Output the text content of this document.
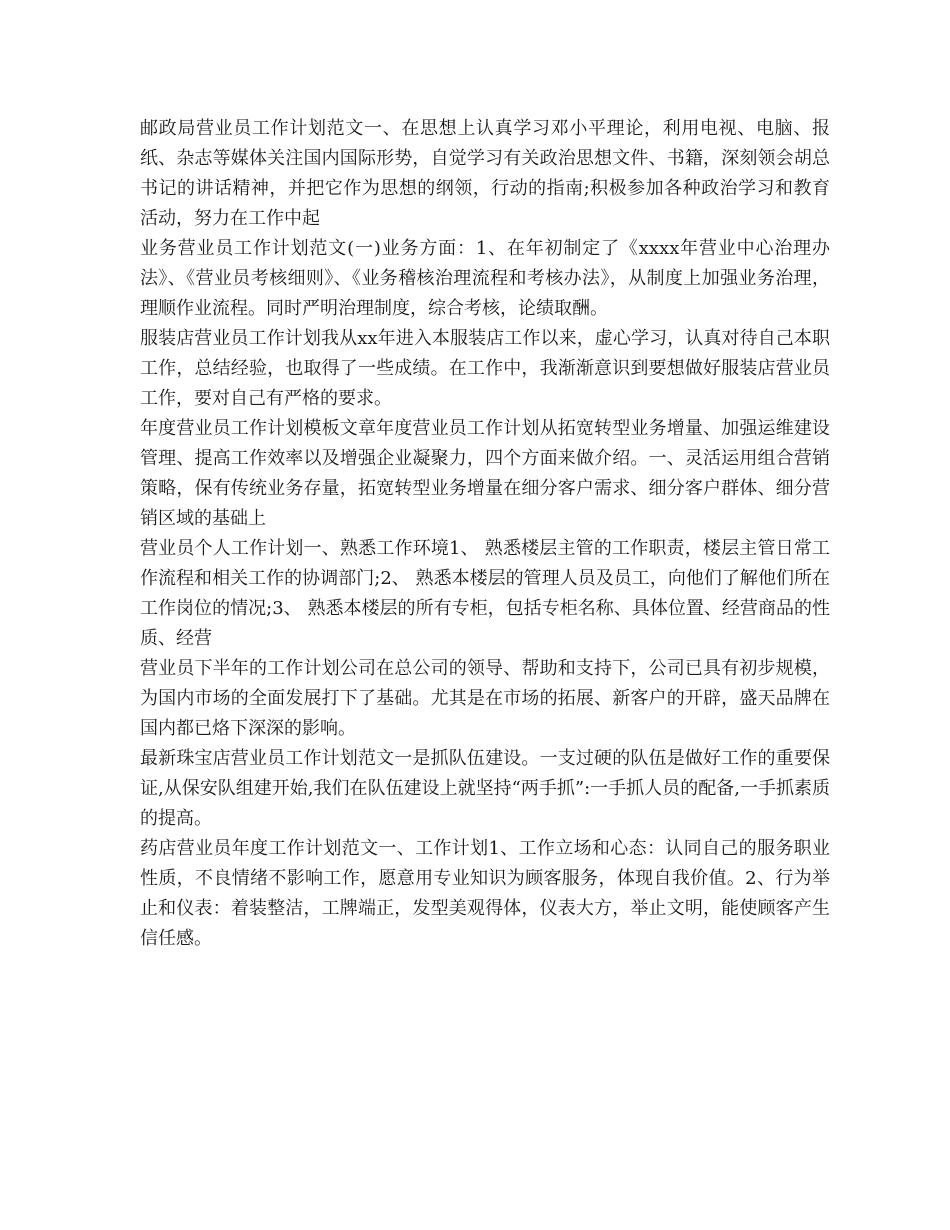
邮政局营业员工作计划范文一、在思想上认真学习邓小平理论，利用电视、电脑、报纸、杂志等媒体关注国内国际形势，自觉学习有关政治思想文件、书籍，深刻领会胡总书记的讲话精神，并把它作为思想的纲领，行动的指南;积极参加各种政治学习和教育活动，努力在工作中起

业务营业员工作计划范文(一)业务方面：1、在年初制定了《xxxx年营业中心治理办法》、《营业员考核细则》、《业务稽核治理流程和考核办法》，从制度上加强业务治理，理顺作业流程。同时严明治理制度，综合考核，论绩取酬。

服装店营业员工作计划我从xx年进入本服装店工作以来，虚心学习，认真对待自己本职工作，总结经验，也取得了一些成绩。在工作中，我渐渐意识到要想做好服装店营业员工作，要对自己有严格的要求。

年度营业员工作计划模板文章年度营业员工作计划从拓宽转型业务增量、加强运维建设管理、提高工作效率以及增强企业凝聚力，四个方面来做介绍。一、灵活运用组合营销策略，保有传统业务存量，拓宽转型业务增量在细分客户需求、细分客户群体、细分营销区域的基础上

营业员个人工作计划一、熟悉工作环境1、 熟悉楼层主管的工作职责，楼层主管日常工作流程和相关工作的协调部门;2、 熟悉本楼层的管理人员及员工，向他们了解他们所在工作岗位的情况;3、 熟悉本楼层的所有专柜，包括专柜名称、具体位置、经营商品的性质、经营

营业员下半年的工作计划公司在总公司的领导、帮助和支持下，公司已具有初步规模，为国内市场的全面发展打下了基础。尤其是在市场的拓展、新客户的开辟，盛天品牌在国内都已烙下深深的影响。

最新珠宝店营业员工作计划范文一是抓队伍建设。一支过硬的队伍是做好工作的重要保证,从保安队组建开始,我们在队伍建设上就坚持“两手抓”:一手抓人员的配备,一手抓素质的提高。

药店营业员年度工作计划范文一、工作计划1、工作立场和心态：认同自己的服务职业性质，不良情绪不影响工作，愿意用专业知识为顾客服务，体现自我价值。2、行为举止和仪表：着装整洁，工牌端正，发型美观得体，仪表大方，举止文明，能使顾客产生信任感。
